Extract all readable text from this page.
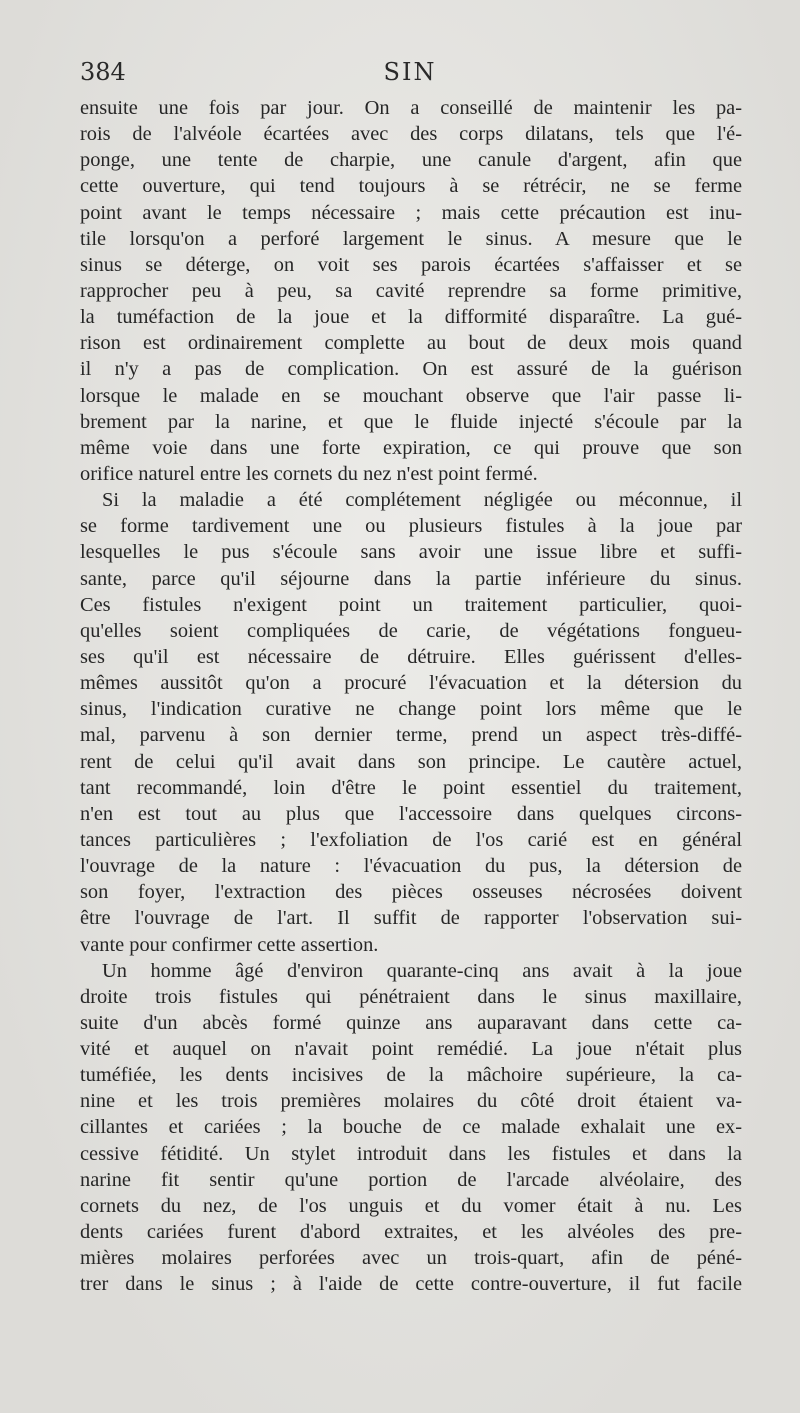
384	SIN
ensuite une fois par jour. On a conseillé de maintenir les pa-
rois de l'alvéole écartées avec des corps dilatans, tels que l'é-
ponge, une tente de charpie, une canule d'argent, afin que
cette ouverture, qui tend toujours à se rétrécir, ne se ferme
point avant le temps nécessaire ; mais cette précaution est inu-
tile lorsqu'on a perforé largement le sinus. A mesure que le
sinus se déterge, on voit ses parois écartées s'affaisser et se
rapprocher peu à peu, sa cavité reprendre sa forme primitive,
la tuméfaction de la joue et la difformité disparaître. La gué-
rison est ordinairement complette au bout de deux mois quand
il n'y a pas de complication. On est assuré de la guérison
lorsque le malade en se mouchant observe que l'air passe li-
brement par la narine, et que le fluide injecté s'écoule par la
même voie dans une forte expiration, ce qui prouve que son
orifice naturel entre les cornets du nez n'est point fermé.
Si la maladie a été complétement négligée ou méconnue, il
se forme tardivement une ou plusieurs fistules à la joue par
lesquelles le pus s'écoule sans avoir une issue libre et suffi-
sante, parce qu'il séjourne dans la partie inférieure du sinus.
Ces fistules n'exigent point un traitement particulier, quoi-
qu'elles soient compliquées de carie, de végétations fongueu-
ses qu'il est nécessaire de détruire. Elles guérissent d'elles-
mêmes aussitôt qu'on a procuré l'évacuation et la détersion du
sinus, l'indication curative ne change point lors même que le
mal, parvenu à son dernier terme, prend un aspect très-diffé-
rent de celui qu'il avait dans son principe. Le cautère actuel,
tant recommandé, loin d'être le point essentiel du traitement,
n'en est tout au plus que l'accessoire dans quelques circons-
tances particulières ; l'exfoliation de l'os carié est en général
l'ouvrage de la nature : l'évacuation du pus, la détersion de
son foyer, l'extraction des pièces osseuses nécrosées doivent
être l'ouvrage de l'art. Il suffit de rapporter l'observation sui-
vante pour confirmer cette assertion.
Un homme âgé d'environ quarante-cinq ans avait à la joue
droite trois fistules qui pénétraient dans le sinus maxillaire,
suite d'un abcès formé quinze ans auparavant dans cette ca-
vité et auquel on n'avait point remédié. La joue n'était plus
tuméfiée, les dents incisives de la mâchoire supérieure, la ca-
nine et les trois premières molaires du côté droit étaient va-
cillantes et cariées ; la bouche de ce malade exhalait une ex-
cessive fétidité. Un stylet introduit dans les fistules et dans la
narine fit sentir qu'une portion de l'arcade alvéolaire, des
cornets du nez, de l'os unguis et du vomer était à nu. Les
dents cariées furent d'abord extraites, et les alvéoles des pre-
mières molaires perforées avec un trois-quart, afin de péné-
trer dans le sinus ; à l'aide de cette contre-ouverture, il fut facile
